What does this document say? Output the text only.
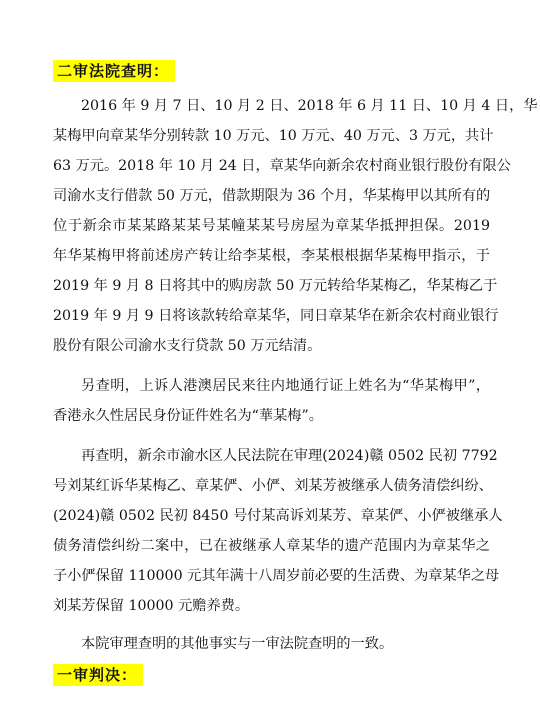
二审法院查明：
2016 年 9 月 7 日、10 月 2 日、2018 年 6 月 11 日、10 月 4 日，华
某梅甲向章某华分别转款 10 万元、10 万元、40 万元、3 万元，共计
63 万元。2018 年 10 月 24 日，章某华向新余农村商业银行股份有限公
司渝水支行借款 50 万元，借款期限为 36 个月，华某梅甲以其所有的
位于新余市某某路某某号某幢某某号房屋为章某华抵押担保。2019
年华某梅甲将前述房产转让给李某根，李某根根据华某梅甲指示，于
2019 年 9 月 8 日将其中的购房款 50 万元转给华某梅乙，华某梅乙于
2019 年 9 月 9 日将该款转给章某华，同日章某华在新余农村商业银行
股份有限公司渝水支行贷款 50 万元结清。
另查明，上诉人港澳居民来往内地通行证上姓名为“华某梅甲”，
香港永久性居民身份证件姓名为“華某梅”。
再查明，新余市渝水区人民法院在审理(2024)赣 0502 民初 7792
号刘某红诉华某梅乙、章某俨、小俨、刘某芳被继承人债务清偿纠纷、
(2024)赣 0502 民初 8450 号付某高诉刘某芳、章某俨、小俨被继承人
债务清偿纠纷二案中，已在被继承人章某华的遗产范围内为章某华之
子小俨保留 110000 元其年满十八周岁前必要的生活费、为章某华之母
刘某芳保留 10000 元赡养费。
本院审理查明的其他事实与一审法院查明的一致。
一审判决：
